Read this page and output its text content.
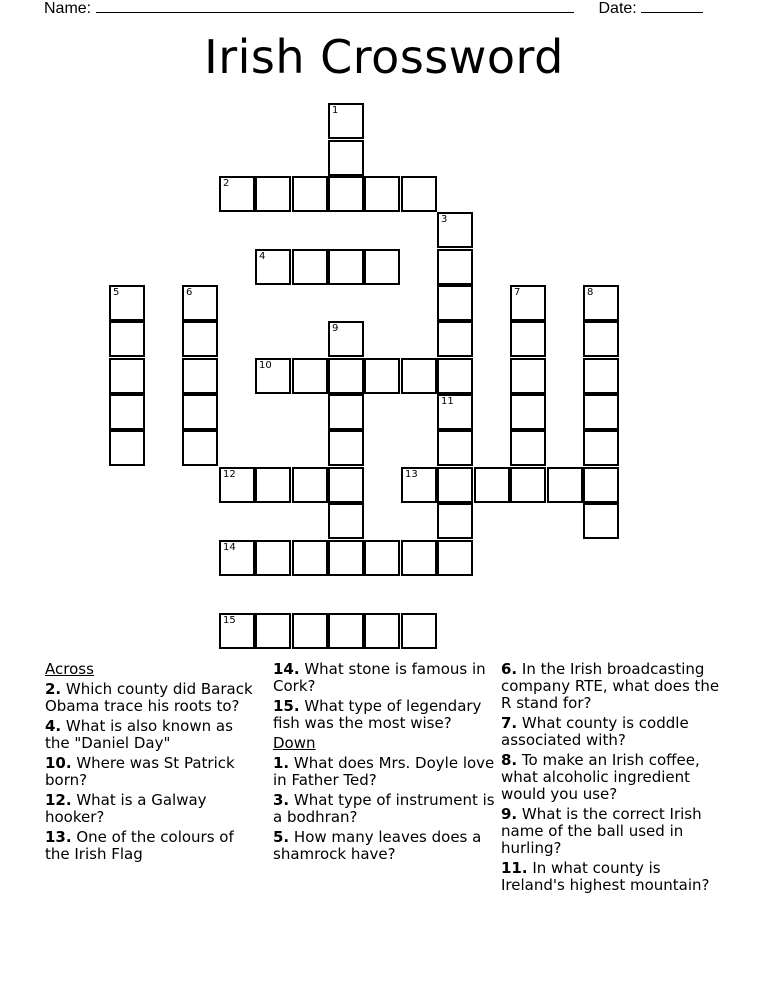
Name:	Date:
Irish Crossword
1
2
3
4
5	6	7	8
9
10
11
12	13
14
15
Across
2. Which county did Barack Obama trace his roots to?
4. What is also known as the "Daniel Day"
10. Where was St Patrick born?
12. What is a Galway hooker?
13. One of the colours of the Irish Flag
14. What stone is famous in Cork?
15. What type of legendary fish was the most wise?
Down
1. What does Mrs. Doyle love in Father Ted?
3. What type of instrument is a bodhran?
5. How many leaves does a shamrock have?
6. In the Irish broadcasting company RTE, what does the R stand for?
7. What county is coddle associated with?
8. To make an Irish coffee, what alcoholic ingredient would you use?
9. What is the correct Irish name of the ball used in hurling?
11. In what county is Ireland's highest mountain?
